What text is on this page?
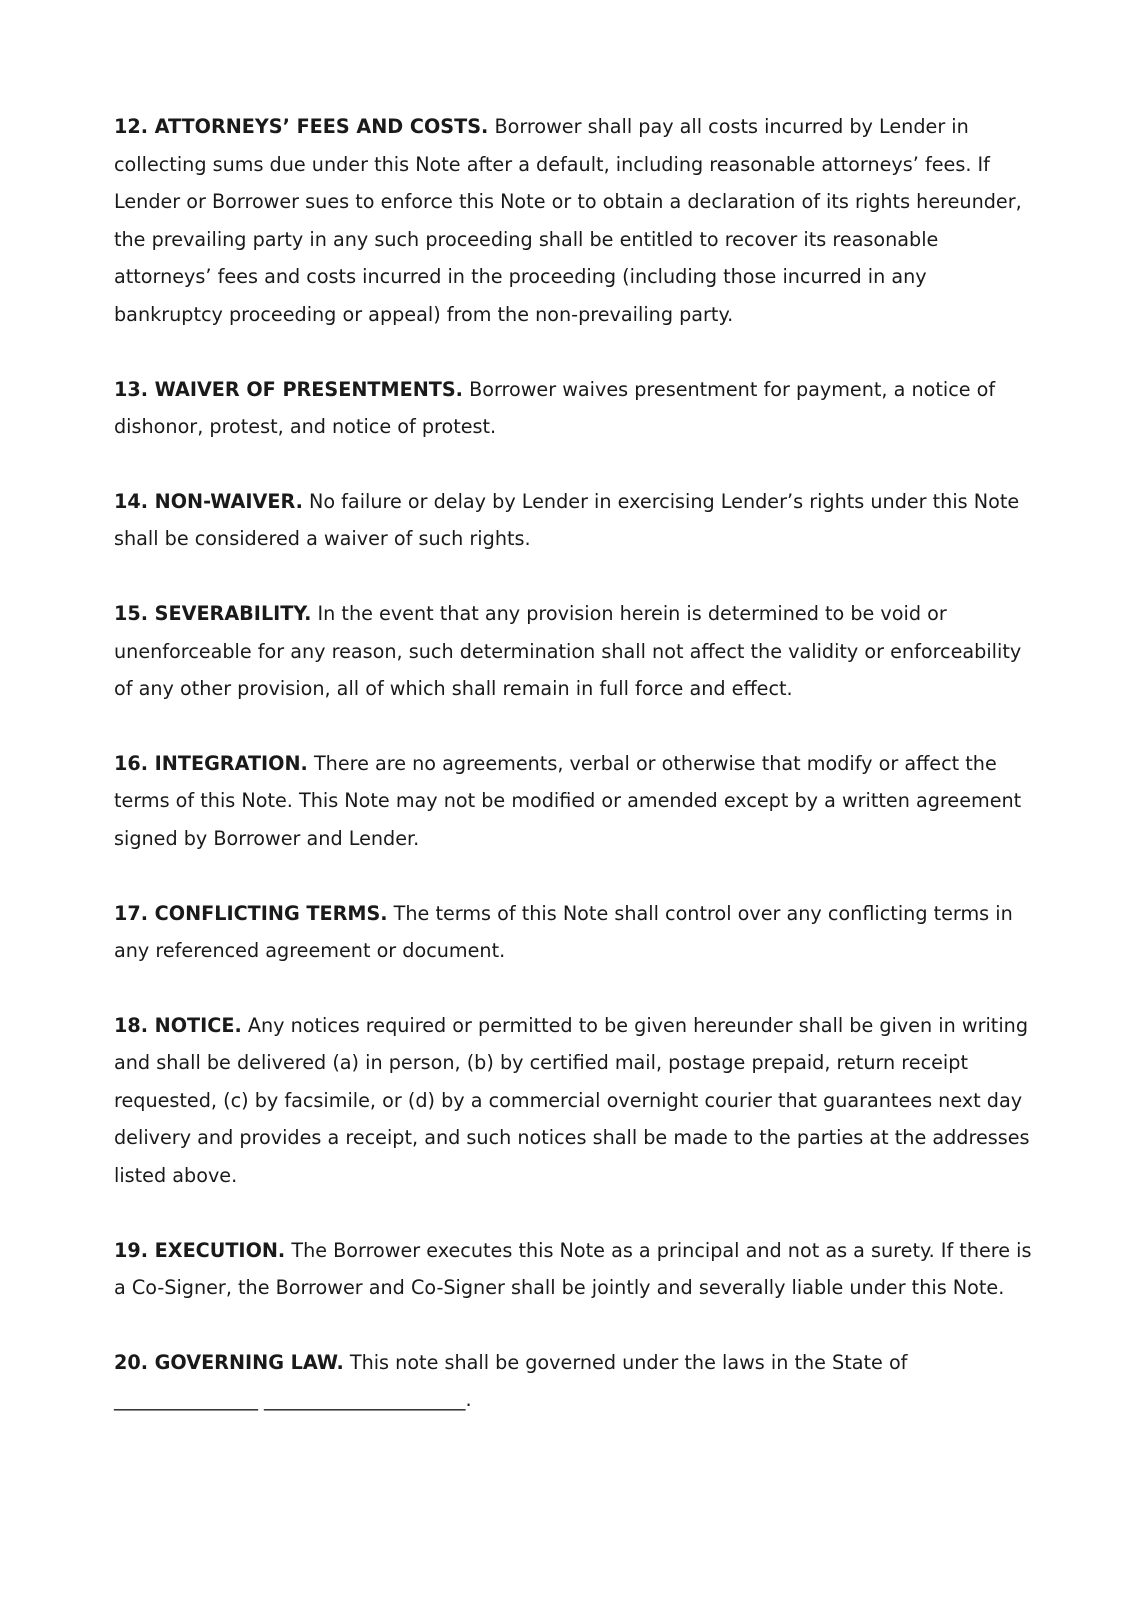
12. ATTORNEYS’ FEES AND COSTS. Borrower shall pay all costs incurred by Lender in collecting sums due under this Note after a default, including reasonable attorneys’ fees. If Lender or Borrower sues to enforce this Note or to obtain a declaration of its rights hereunder, the prevailing party in any such proceeding shall be entitled to recover its reasonable attorneys’ fees and costs incurred in the proceeding (including those incurred in any bankruptcy proceeding or appeal) from the non-prevailing party.

13. WAIVER OF PRESENTMENTS. Borrower waives presentment for payment, a notice of dishonor, protest, and notice of protest.

14. NON-WAIVER. No failure or delay by Lender in exercising Lender’s rights under this Note shall be considered a waiver of such rights.

15. SEVERABILITY. In the event that any provision herein is determined to be void or unenforceable for any reason, such determination shall not affect the validity or enforceability of any other provision, all of which shall remain in full force and effect.

16. INTEGRATION. There are no agreements, verbal or otherwise that modify or affect the terms of this Note. This Note may not be modified or amended except by a written agreement signed by Borrower and Lender.

17. CONFLICTING TERMS. The terms of this Note shall control over any conflicting terms in any referenced agreement or document.

18. NOTICE. Any notices required or permitted to be given hereunder shall be given in writing and shall be delivered (a) in person, (b) by certified mail, postage prepaid, return receipt requested, (c) by facsimile, or (d) by a commercial overnight courier that guarantees next day delivery and provides a receipt, and such notices shall be made to the parties at the addresses listed above.

19. EXECUTION. The Borrower executes this Note as a principal and not as a surety. If there is a Co-Signer, the Borrower and Co-Signer shall be jointly and severally liable under this Note.

20. GOVERNING LAW. This note shall be governed under the laws in the State of _______________ _____________________.
